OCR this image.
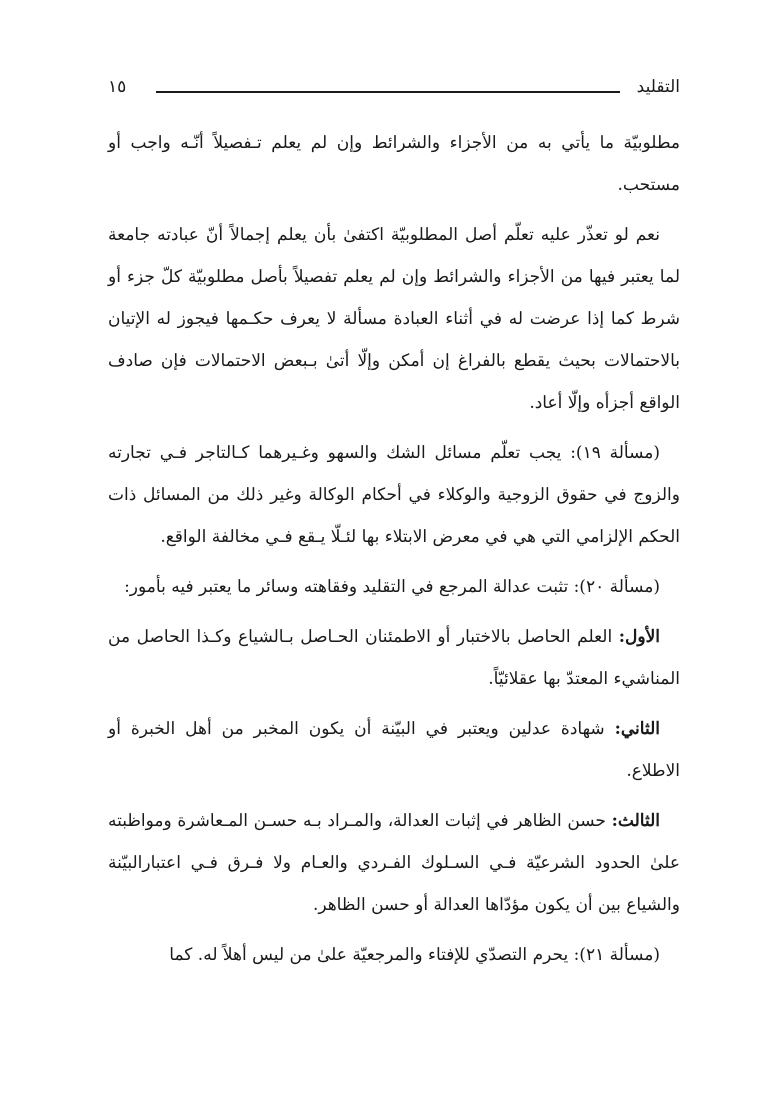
التقليد
١٥

مطلوبيّة ما يأتي به من الأجزاء والشرائط وإن لم يعلم تـفصيلاً أنّـه واجب أو مستحب.

نعم لو تعذّر عليه تعلّم أصل المطلوبيّة اكتفىٰ بأن يعلم إجمالاً أنّ عبادته جامعة لما يعتبر فيها من الأجزاء والشرائط وإن لم يعلم تفصيلاً بأصل مطلوبيّة كلّ جزء أو شرط كما إذا عرضت له في أثناء العبادة مسألة لا يعرف حكـمها فيجوز له الإتيان بالاحتمالات بحيث يقطع بالفراغ إن أمكن وإلّا أتىٰ بـبعض الاحتمالات فإن صادف الواقع أجزأه وإلّا أعاد.

(مسألة ١٩): يجب تعلّم مسائل الشك والسهو وغـيرهما كـالتاجر فـي تجارته والزوج في حقوق الزوجية والوكلاء في أحكام الوكالة وغير ذلك من المسائل ذات الحكم الإلزامي التي هي في معرض الابتلاء بها لئـلّا يـقع فـي مخالفة الواقع.

(مسألة ٢٠): تثبت عدالة المرجع في التقليد وفقاهته وسائر ما يعتبر فيه بأمور:

الأول: العلم الحاصل بالاختبار أو الاطمئنان الحـاصل بـالشياع وكـذا الحاصل من المناشيء المعتدّ بها عقلائيّاً.

الثاني: شهادة عدلين ويعتبر في البيّنة أن يكون المخبر من أهل الخبرة أو الاطلاع.

الثالث: حسن الظاهر في إثبات العدالة، والمـراد بـه حسـن المـعاشرة ومواظبته علىٰ الحدود الشرعيّة فـي السـلوك الفـردي والعـام ولا فـرق فـي اعتبارالبيّنة والشياع بين أن يكون مؤدّاها العدالة أو حسن الظاهر.

(مسألة ٢١): يحرم التصدّي للإفتاء والمرجعيّة علىٰ من ليس أهلاً له. كما
